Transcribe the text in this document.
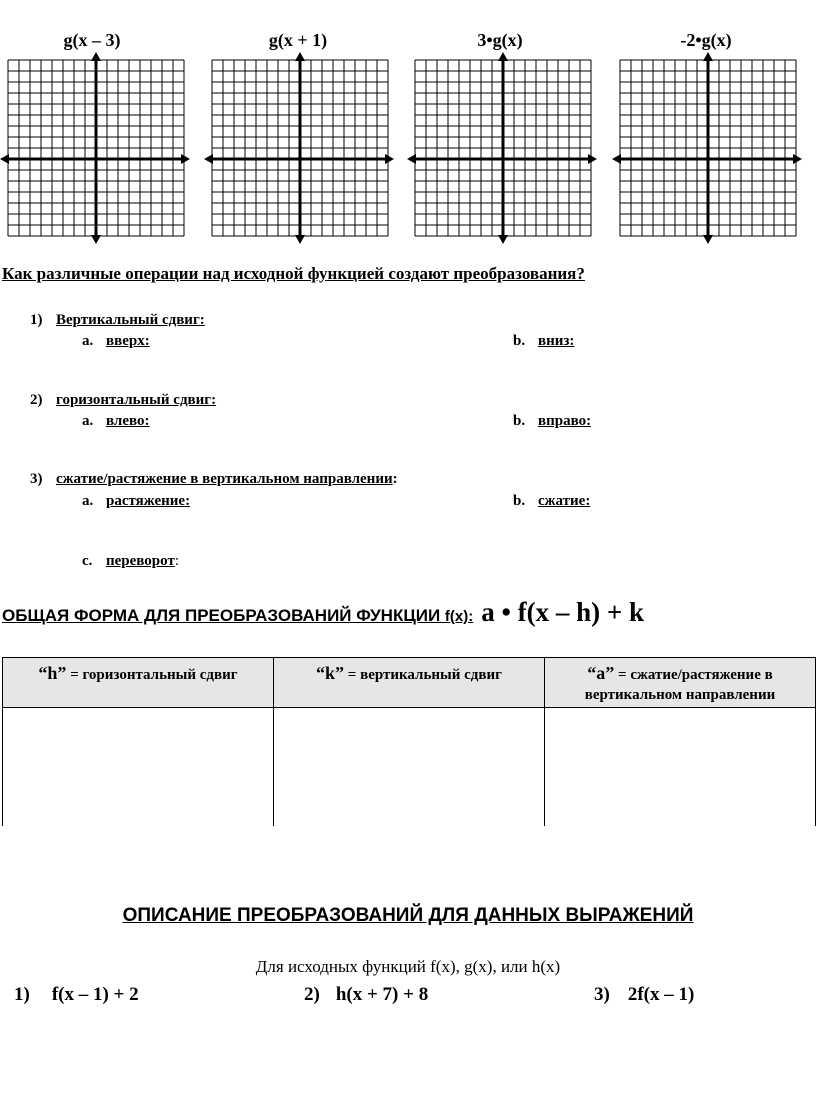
g(x – 3)	g(x + 1)	3•g(x)	-2•g(x)
Как различные операции над исходной функцией создают преобразования?
1) Вертикальный сдвиг:
a. вверх:	b. вниз:
2) горизонтальный сдвиг:
a. влево:	b. вправо:
3) сжатие/растяжение в вертикальном направлении:
a. растяжение:	b. сжатие:
c. переворот:
ОБЩАЯ ФОРМА ДЛЯ ПРЕОБРАЗОВАНИЙ ФУНКЦИИ f(x): a • f(x – h) + k
“h” = горизонтальный сдвиг	“k” = вертикальный сдвиг	“a” = сжатие/растяжение в вертикальном направлении

ОПИСАНИЕ ПРЕОБРАЗОВАНИЙ ДЛЯ ДАННЫХ ВЫРАЖЕНИЙ
Для исходных функций f(x), g(x), или h(x)
1) f(x – 1) + 2	2) h(x + 7) + 8	3) 2f(x – 1)
